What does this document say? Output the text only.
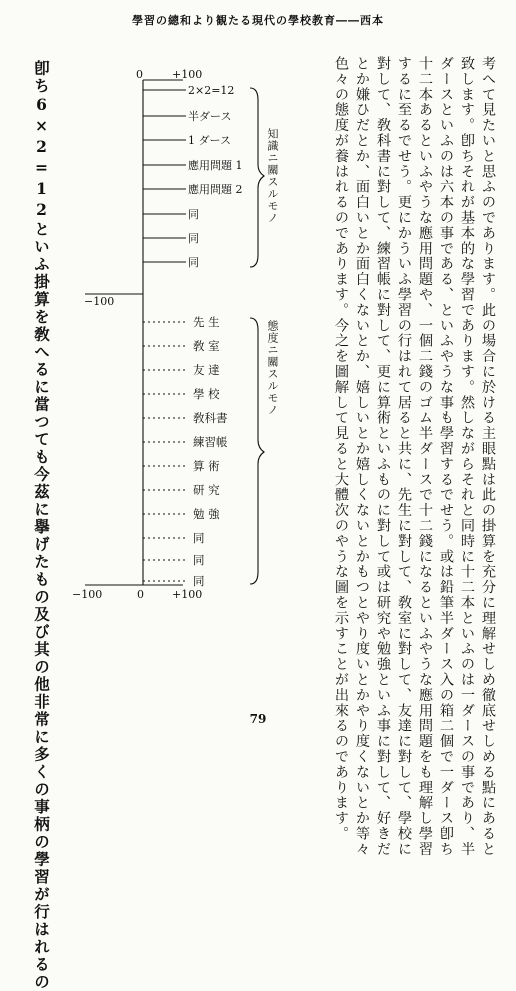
學習の總和より観たる現代の學校教育――西本
考へて見たいと思ふのであります。此の場合に於ける主眼點は此の掛算を充分に理解せしめ徹底せしめる點にあると
致します。卽ちそれが基本的な學習であります。然しながらそれと同時に十二本といふのは一ダースの事であり、半
ダースといふのは六本の事である、といふやうな事も學習するでせう。或は鉛筆半ダース入の箱二個で一ダース卽ち
十二本あるといふやうな應用問題や、一個二錢のゴム半ダースで十二錢になるといふやうな應用問題をも理解し學習
するに至るでせう。更にかういふ學習の行はれて居ると共に、先生に對して、敎室に對して、友達に對して、學校に
對して、敎科書に對して、練習帳に對して、更に算術といふものに對して或は研究や勉強といふ事に對して、好きだ
とか嫌ひだとか、面白いとか面白くないとか、嬉しいとか嬉しくないとかもつとやり度いとかやり度くないとか等々
色々の態度が養はれるのであります。今之を圖解して見ると大體次のやうな圖を示すことが出來るのであります。
卽ち6×2=12といふ掛算を敎へるに當つても今茲に擧げたもの及び其の他非常に多くの事柄の學習が行はれるの	0	+100
−100
−100	0	+100
2×2=12
半ダース
1 ダース
應用問題 1
應用問題 2
同
同
同
先 生
敎 室
友 達
學 校
敎科書
練習帳
算 術
研 究
勉 強
同
同
同
知識ニ關スルモノ
態度ニ關スルモノ
79
